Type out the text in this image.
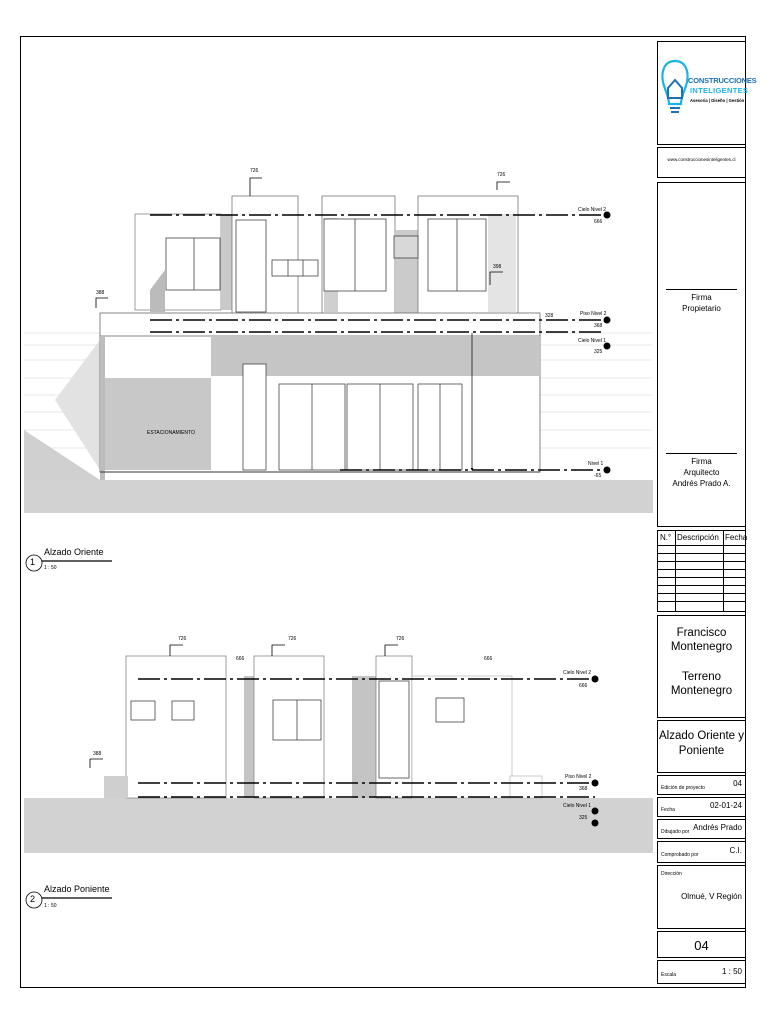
1
Alzado Oriente
1 : 50
ESTACIONAMIENTO
Cielo Nivel 2
666
Piso Nivel 2
368
Cielo Nivel 1
325
Nivel 1
-65
726
726
398
388
328
2
Alzado Poniente
1 : 50
Cielo Nivel 2
666
Piso Nivel 2
368
Cielo Nivel 1
325
726	726	726
666	666
388
CONSTRUCCIONES
INTELIGENTES
Asesoria | Diseño | Gestión
www.construccionesinteligentes.cl
Firma
Propietario
Firma
Arquitecto
Andrés Prado A.
N.° Descripción Fecha
Francisco Montenegro
Terreno Montenegro
Alzado Oriente y Poniente
Edición de proyecto	04
Fecha	02-01-24
Dibujado por Andrés Prado
Comprobado por	C.I.
Dirección
Olmué, V Región
04
Escala	1 : 50
